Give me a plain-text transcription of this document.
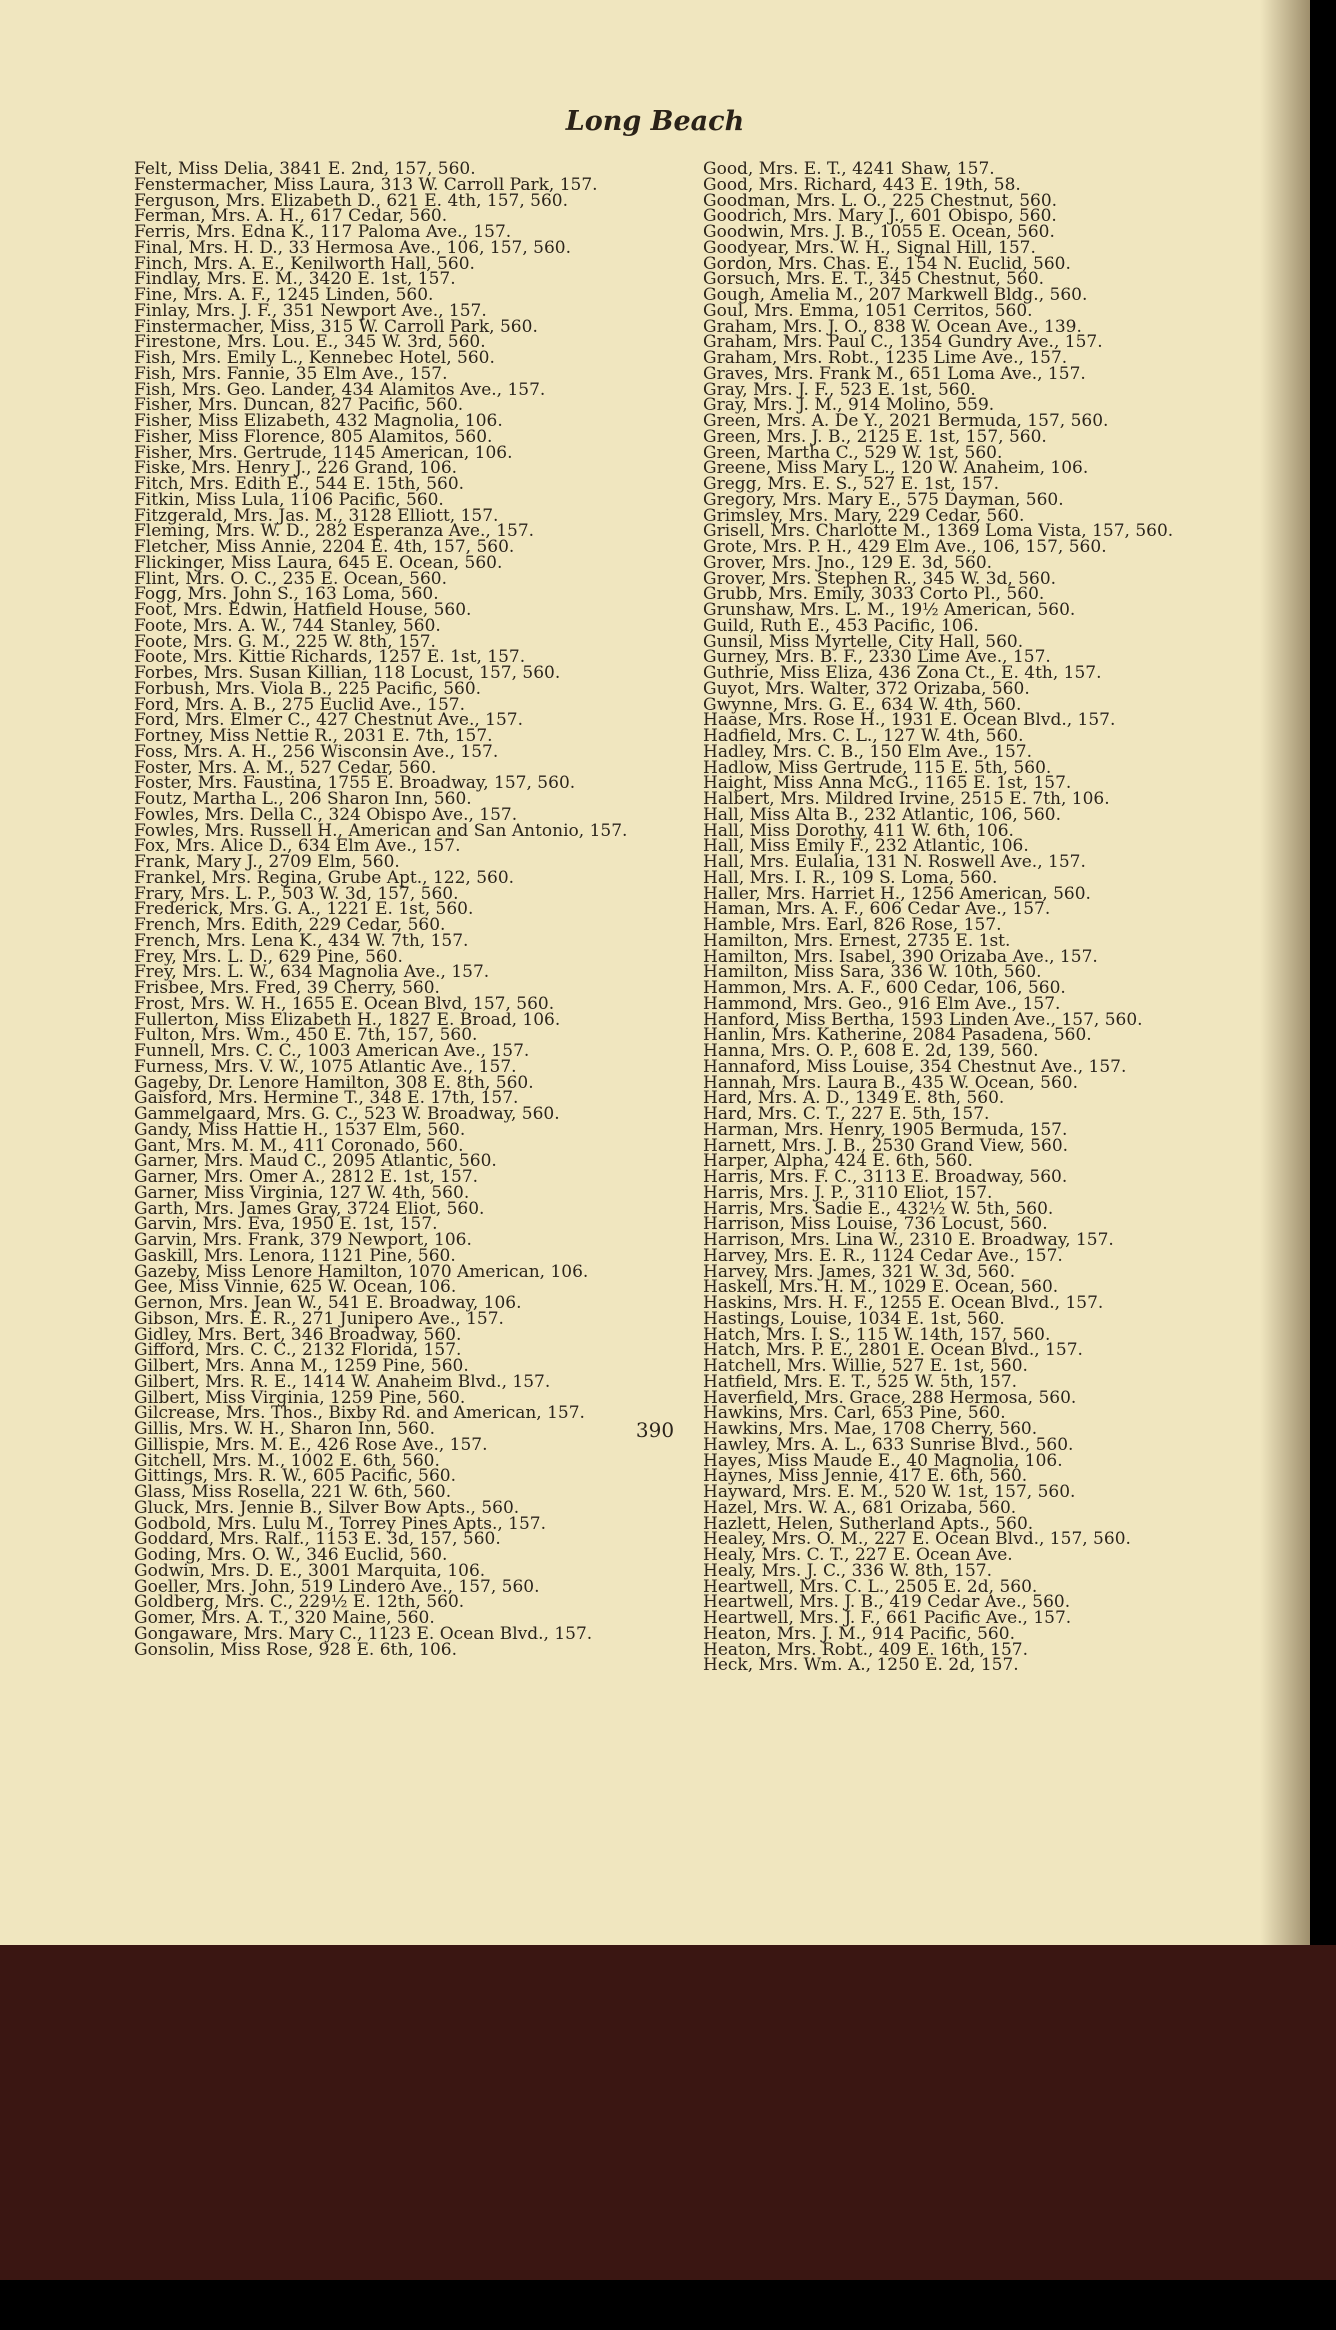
Long Beach
Felt, Miss Delia, 3841 E. 2nd, 157, 560.
Fenstermacher, Miss Laura, 313 W. Carroll Park, 157.
Ferguson, Mrs. Elizabeth D., 621 E. 4th, 157, 560.
Ferman, Mrs. A. H., 617 Cedar, 560.
Ferris, Mrs. Edna K., 117 Paloma Ave., 157.
Final, Mrs. H. D., 33 Hermosa Ave., 106, 157, 560.
Finch, Mrs. A. E., Kenilworth Hall, 560.
Findlay, Mrs. E. M., 3420 E. 1st, 157.
Fine, Mrs. A. F., 1245 Linden, 560.
Finlay, Mrs. J. F., 351 Newport Ave., 157.
Finstermacher, Miss, 315 W. Carroll Park, 560.
Firestone, Mrs. Lou. E., 345 W. 3rd, 560.
Fish, Mrs. Emily L., Kennebec Hotel, 560.
Fish, Mrs. Fannie, 35 Elm Ave., 157.
Fish, Mrs. Geo. Lander, 434 Alamitos Ave., 157.
Fisher, Mrs. Duncan, 827 Pacific, 560.
Fisher, Miss Elizabeth, 432 Magnolia, 106.
Fisher, Miss Florence, 805 Alamitos, 560.
Fisher, Mrs. Gertrude, 1145 American, 106.
Fiske, Mrs. Henry J., 226 Grand, 106.
Fitch, Mrs. Edith E., 544 E. 15th, 560.
Fitkin, Miss Lula, 1106 Pacific, 560.
Fitzgerald, Mrs. Jas. M., 3128 Elliott, 157.
Fleming, Mrs. W. D., 282 Esperanza Ave., 157.
Fletcher, Miss Annie, 2204 E. 4th, 157, 560.
Flickinger, Miss Laura, 645 E. Ocean, 560.
Flint, Mrs. O. C., 235 E. Ocean, 560.
Fogg, Mrs. John S., 163 Loma, 560.
Foot, Mrs. Edwin, Hatfield House, 560.
Foote, Mrs. A. W., 744 Stanley, 560.
Foote, Mrs. G. M., 225 W. 8th, 157.
Foote, Mrs. Kittie Richards, 1257 E. 1st, 157.
Forbes, Mrs. Susan Killian, 118 Locust, 157, 560.
Forbush, Mrs. Viola B., 225 Pacific, 560.
Ford, Mrs. A. B., 275 Euclid Ave., 157.
Ford, Mrs. Elmer C., 427 Chestnut Ave., 157.
Fortney, Miss Nettie R., 2031 E. 7th, 157.
Foss, Mrs. A. H., 256 Wisconsin Ave., 157.
Foster, Mrs. A. M., 527 Cedar, 560.
Foster, Mrs. Faustina, 1755 E. Broadway, 157, 560.
Foutz, Martha L., 206 Sharon Inn, 560.
Fowles, Mrs. Della C., 324 Obispo Ave., 157.
Fowles, Mrs. Russell H., American and San Antonio, 157.
Fox, Mrs. Alice D., 634 Elm Ave., 157.
Frank, Mary J., 2709 Elm, 560.
Frankel, Mrs. Regina, Grube Apt., 122, 560.
Frary, Mrs. L. P., 503 W. 3d, 157, 560.
Frederick, Mrs. G. A., 1221 E. 1st, 560.
French, Mrs. Edith, 229 Cedar, 560.
French, Mrs. Lena K., 434 W. 7th, 157.
Frey, Mrs. L. D., 629 Pine, 560.
Frey, Mrs. L. W., 634 Magnolia Ave., 157.
Frisbee, Mrs. Fred, 39 Cherry, 560.
Frost, Mrs. W. H., 1655 E. Ocean Blvd, 157, 560.
Fullerton, Miss Elizabeth H., 1827 E. Broad, 106.
Fulton, Mrs. Wm., 450 E. 7th, 157, 560.
Funnell, Mrs. C. C., 1003 American Ave., 157.
Furness, Mrs. V. W., 1075 Atlantic Ave., 157.
Gageby, Dr. Lenore Hamilton, 308 E. 8th, 560.
Gaisford, Mrs. Hermine T., 348 E. 17th, 157.
Gammelgaard, Mrs. G. C., 523 W. Broadway, 560.
Gandy, Miss Hattie H., 1537 Elm, 560.
Gant, Mrs. M. M., 411 Coronado, 560.
Garner, Mrs. Maud C., 2095 Atlantic, 560.
Garner, Mrs. Omer A., 2812 E. 1st, 157.
Garner, Miss Virginia, 127 W. 4th, 560.
Garth, Mrs. James Gray, 3724 Eliot, 560.
Garvin, Mrs. Eva, 1950 E. 1st, 157.
Garvin, Mrs. Frank, 379 Newport, 106.
Gaskill, Mrs. Lenora, 1121 Pine, 560.
Gazeby, Miss Lenore Hamilton, 1070 American, 106.
Gee, Miss Vinnie, 625 W. Ocean, 106.
Gernon, Mrs. Jean W., 541 E. Broadway, 106.
Gibson, Mrs. E. R., 271 Junipero Ave., 157.
Gidley, Mrs. Bert, 346 Broadway, 560.
Gifford, Mrs. C. C., 2132 Florida, 157.
Gilbert, Mrs. Anna M., 1259 Pine, 560.
Gilbert, Mrs. R. E., 1414 W. Anaheim Blvd., 157.
Gilbert, Miss Virginia, 1259 Pine, 560.
Gilcrease, Mrs. Thos., Bixby Rd. and American, 157.
Gillis, Mrs. W. H., Sharon Inn, 560.
Gillispie, Mrs. M. E., 426 Rose Ave., 157.
Gitchell, Mrs. M., 1002 E. 6th, 560.
Gittings, Mrs. R. W., 605 Pacific, 560.
Glass, Miss Rosella, 221 W. 6th, 560.
Gluck, Mrs. Jennie B., Silver Bow Apts., 560.
Godbold, Mrs. Lulu M., Torrey Pines Apts., 157.
Goddard, Mrs. Ralf., 1153 E. 3d, 157, 560.
Goding, Mrs. O. W., 346 Euclid, 560.
Godwin, Mrs. D. E., 3001 Marquita, 106.
Goeller, Mrs. John, 519 Lindero Ave., 157, 560.
Goldberg, Mrs. C., 229½ E. 12th, 560.
Gomer, Mrs. A. T., 320 Maine, 560.
Gongaware, Mrs. Mary C., 1123 E. Ocean Blvd., 157.
Gonsolin, Miss Rose, 928 E. 6th, 106.
Good, Mrs. E. T., 4241 Shaw, 157.
Good, Mrs. Richard, 443 E. 19th, 58.
Goodman, Mrs. L. O., 225 Chestnut, 560.
Goodrich, Mrs. Mary J., 601 Obispo, 560.
Goodwin, Mrs. J. B., 1055 E. Ocean, 560.
Goodyear, Mrs. W. H., Signal Hill, 157.
Gordon, Mrs. Chas. E., 154 N. Euclid, 560.
Gorsuch, Mrs. E. T., 345 Chestnut, 560.
Gough, Amelia M., 207 Markwell Bldg., 560.
Goul, Mrs. Emma, 1051 Cerritos, 560.
Graham, Mrs. J. O., 838 W. Ocean Ave., 139.
Graham, Mrs. Paul C., 1354 Gundry Ave., 157.
Graham, Mrs. Robt., 1235 Lime Ave., 157.
Graves, Mrs. Frank M., 651 Loma Ave., 157.
Gray, Mrs. J. F., 523 E. 1st, 560.
Gray, Mrs. J. M., 914 Molino, 559.
Green, Mrs. A. De Y., 2021 Bermuda, 157, 560.
Green, Mrs. J. B., 2125 E. 1st, 157, 560.
Green, Martha C., 529 W. 1st, 560.
Greene, Miss Mary L., 120 W. Anaheim, 106.
Gregg, Mrs. E. S., 527 E. 1st, 157.
Gregory, Mrs. Mary E., 575 Dayman, 560.
Grimsley, Mrs. Mary, 229 Cedar, 560.
Grisell, Mrs. Charlotte M., 1369 Loma Vista, 157, 560.
Grote, Mrs. P. H., 429 Elm Ave., 106, 157, 560.
Grover, Mrs. Jno., 129 E. 3d, 560.
Grover, Mrs. Stephen R., 345 W. 3d, 560.
Grubb, Mrs. Emily, 3033 Corto Pl., 560.
Grunshaw, Mrs. L. M., 19½ American, 560.
Guild, Ruth E., 453 Pacific, 106.
Gunsil, Miss Myrtelle, City Hall, 560.
Gurney, Mrs. B. F., 2330 Lime Ave., 157.
Guthrie, Miss Eliza, 436 Zona Ct., E. 4th, 157.
Guyot, Mrs. Walter, 372 Orizaba, 560.
Gwynne, Mrs. G. E., 634 W. 4th, 560.
Haase, Mrs. Rose H., 1931 E. Ocean Blvd., 157.
Hadfield, Mrs. C. L., 127 W. 4th, 560.
Hadley, Mrs. C. B., 150 Elm Ave., 157.
Hadlow, Miss Gertrude, 115 E. 5th, 560.
Haight, Miss Anna McG., 1165 E. 1st, 157.
Halbert, Mrs. Mildred Irvine, 2515 E. 7th, 106.
Hall, Miss Alta B., 232 Atlantic, 106, 560.
Hall, Miss Dorothy, 411 W. 6th, 106.
Hall, Miss Emily F., 232 Atlantic, 106.
Hall, Mrs. Eulalia, 131 N. Roswell Ave., 157.
Hall, Mrs. I. R., 109 S. Loma, 560.
Haller, Mrs. Harriet H., 1256 American, 560.
Haman, Mrs. A. F., 606 Cedar Ave., 157.
Hamble, Mrs. Earl, 826 Rose, 157.
Hamilton, Mrs. Ernest, 2735 E. 1st.
Hamilton, Mrs. Isabel, 390 Orizaba Ave., 157.
Hamilton, Miss Sara, 336 W. 10th, 560.
Hammon, Mrs. A. F., 600 Cedar, 106, 560.
Hammond, Mrs. Geo., 916 Elm Ave., 157.
Hanford, Miss Bertha, 1593 Linden Ave., 157, 560.
Hanlin, Mrs. Katherine, 2084 Pasadena, 560.
Hanna, Mrs. O. P., 608 E. 2d, 139, 560.
Hannaford, Miss Louise, 354 Chestnut Ave., 157.
Hannah, Mrs. Laura B., 435 W. Ocean, 560.
Hard, Mrs. A. D., 1349 E. 8th, 560.
Hard, Mrs. C. T., 227 E. 5th, 157.
Harman, Mrs. Henry, 1905 Bermuda, 157.
Harnett, Mrs. J. B., 2530 Grand View, 560.
Harper, Alpha, 424 E. 6th, 560.
Harris, Mrs. F. C., 3113 E. Broadway, 560.
Harris, Mrs. J. P., 3110 Eliot, 157.
Harris, Mrs. Sadie E., 432½ W. 5th, 560.
Harrison, Miss Louise, 736 Locust, 560.
Harrison, Mrs. Lina W., 2310 E. Broadway, 157.
Harvey, Mrs. E. R., 1124 Cedar Ave., 157.
Harvey, Mrs. James, 321 W. 3d, 560.
Haskell, Mrs. H. M., 1029 E. Ocean, 560.
Haskins, Mrs. H. F., 1255 E. Ocean Blvd., 157.
Hastings, Louise, 1034 E. 1st, 560.
Hatch, Mrs. I. S., 115 W. 14th, 157, 560.
Hatch, Mrs. P. E., 2801 E. Ocean Blvd., 157.
Hatchell, Mrs. Willie, 527 E. 1st, 560.
Hatfield, Mrs. E. T., 525 W. 5th, 157.
Haverfield, Mrs. Grace, 288 Hermosa, 560.
Hawkins, Mrs. Carl, 653 Pine, 560.
Hawkins, Mrs. Mae, 1708 Cherry, 560.
Hawley, Mrs. A. L., 633 Sunrise Blvd., 560.
Hayes, Miss Maude E., 40 Magnolia, 106.
Haynes, Miss Jennie, 417 E. 6th, 560.
Hayward, Mrs. E. M., 520 W. 1st, 157, 560.
Hazel, Mrs. W. A., 681 Orizaba, 560.
Hazlett, Helen, Sutherland Apts., 560.
Healey, Mrs. O. M., 227 E. Ocean Blvd., 157, 560.
Healy, Mrs. C. T., 227 E. Ocean Ave.
Healy, Mrs. J. C., 336 W. 8th, 157.
Heartwell, Mrs. C. L., 2505 E. 2d, 560.
Heartwell, Mrs. J. B., 419 Cedar Ave., 560.
Heartwell, Mrs. J. F., 661 Pacific Ave., 157.
Heaton, Mrs. J. M., 914 Pacific, 560.
Heaton, Mrs. Robt., 409 E. 16th, 157.
Heck, Mrs. Wm. A., 1250 E. 2d, 157.
390
